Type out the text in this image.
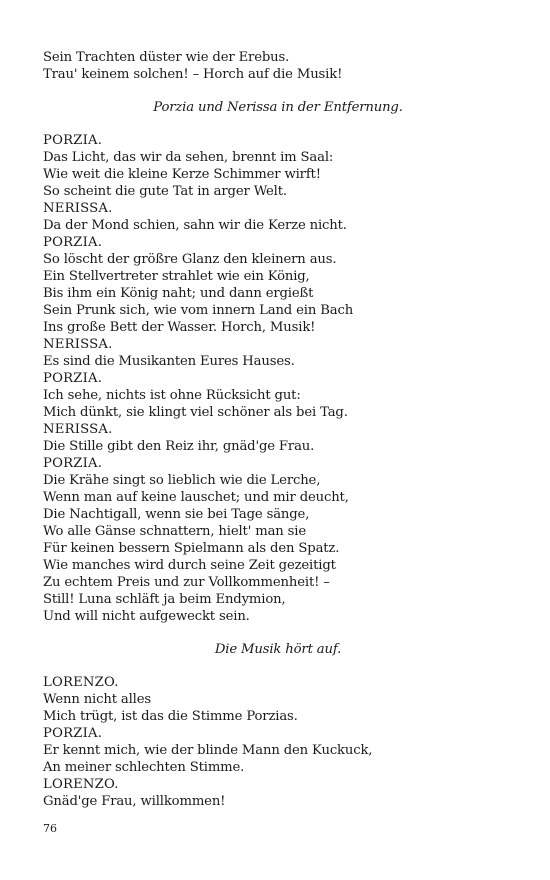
Sein Trachten düster wie der Erebus.
Trau' keinem solchen! – Horch auf die Musik!
Porzia und Nerissa in der Entfernung.
PORZIA.
Das Licht, das wir da sehen, brennt im Saal:
Wie weit die kleine Kerze Schimmer wirft!
So scheint die gute Tat in arger Welt.
NERISSA.
Da der Mond schien, sahn wir die Kerze nicht.
PORZIA.
So löscht der größre Glanz den kleinern aus.
Ein Stellvertreter strahlet wie ein König,
Bis ihm ein König naht; und dann ergießt
Sein Prunk sich, wie vom innern Land ein Bach
Ins große Bett der Wasser. Horch, Musik!
NERISSA.
Es sind die Musikanten Eures Hauses.
PORZIA.
Ich sehe, nichts ist ohne Rücksicht gut:
Mich dünkt, sie klingt viel schöner als bei Tag.
NERISSA.
Die Stille gibt den Reiz ihr, gnäd'ge Frau.
PORZIA.
Die Krähe singt so lieblich wie die Lerche,
Wenn man auf keine lauschet; und mir deucht,
Die Nachtigall, wenn sie bei Tage sänge,
Wo alle Gänse schnattern, hielt' man sie
Für keinen bessern Spielmann als den Spatz.
Wie manches wird durch seine Zeit gezeitigt
Zu echtem Preis und zur Vollkommenheit! –
Still! Luna schläft ja beim Endymion,
Und will nicht aufgeweckt sein.
Die Musik hört auf.
LORENZO.
Wenn nicht alles
Mich trügt, ist das die Stimme Porzias.
PORZIA.
Er kennt mich, wie der blinde Mann den Kuckuck,
An meiner schlechten Stimme.
LORENZO.
Gnäd'ge Frau, willkommen!
76
